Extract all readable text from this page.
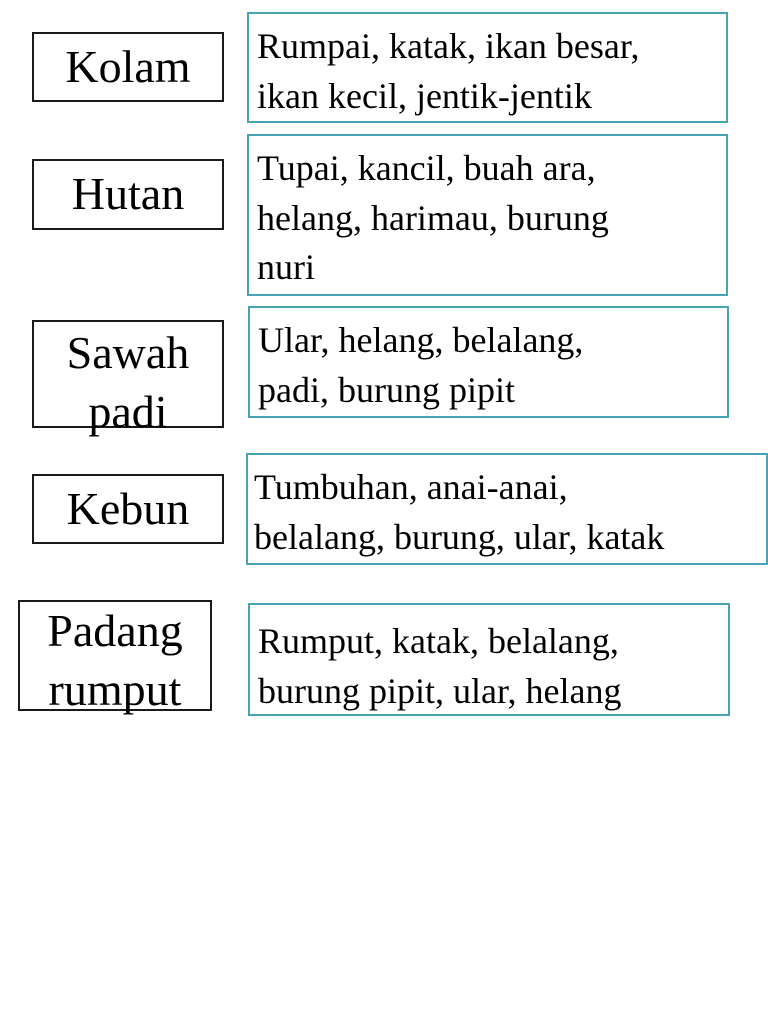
Kolam Rumpai, katak, ikan besar,
ikan kecil, jentik-jentik
Hutan
Tupai, kancil, buah ara,
helang, harimau, burung
nuri
Sawah
padi
Ular, helang, belalang,
padi, burung pipit
Kebun Tumbuhan, anai-anai,
belalang, burung, ular, katak
Padang
rumput
Rumput, katak, belalang,
burung pipit, ular, helang
